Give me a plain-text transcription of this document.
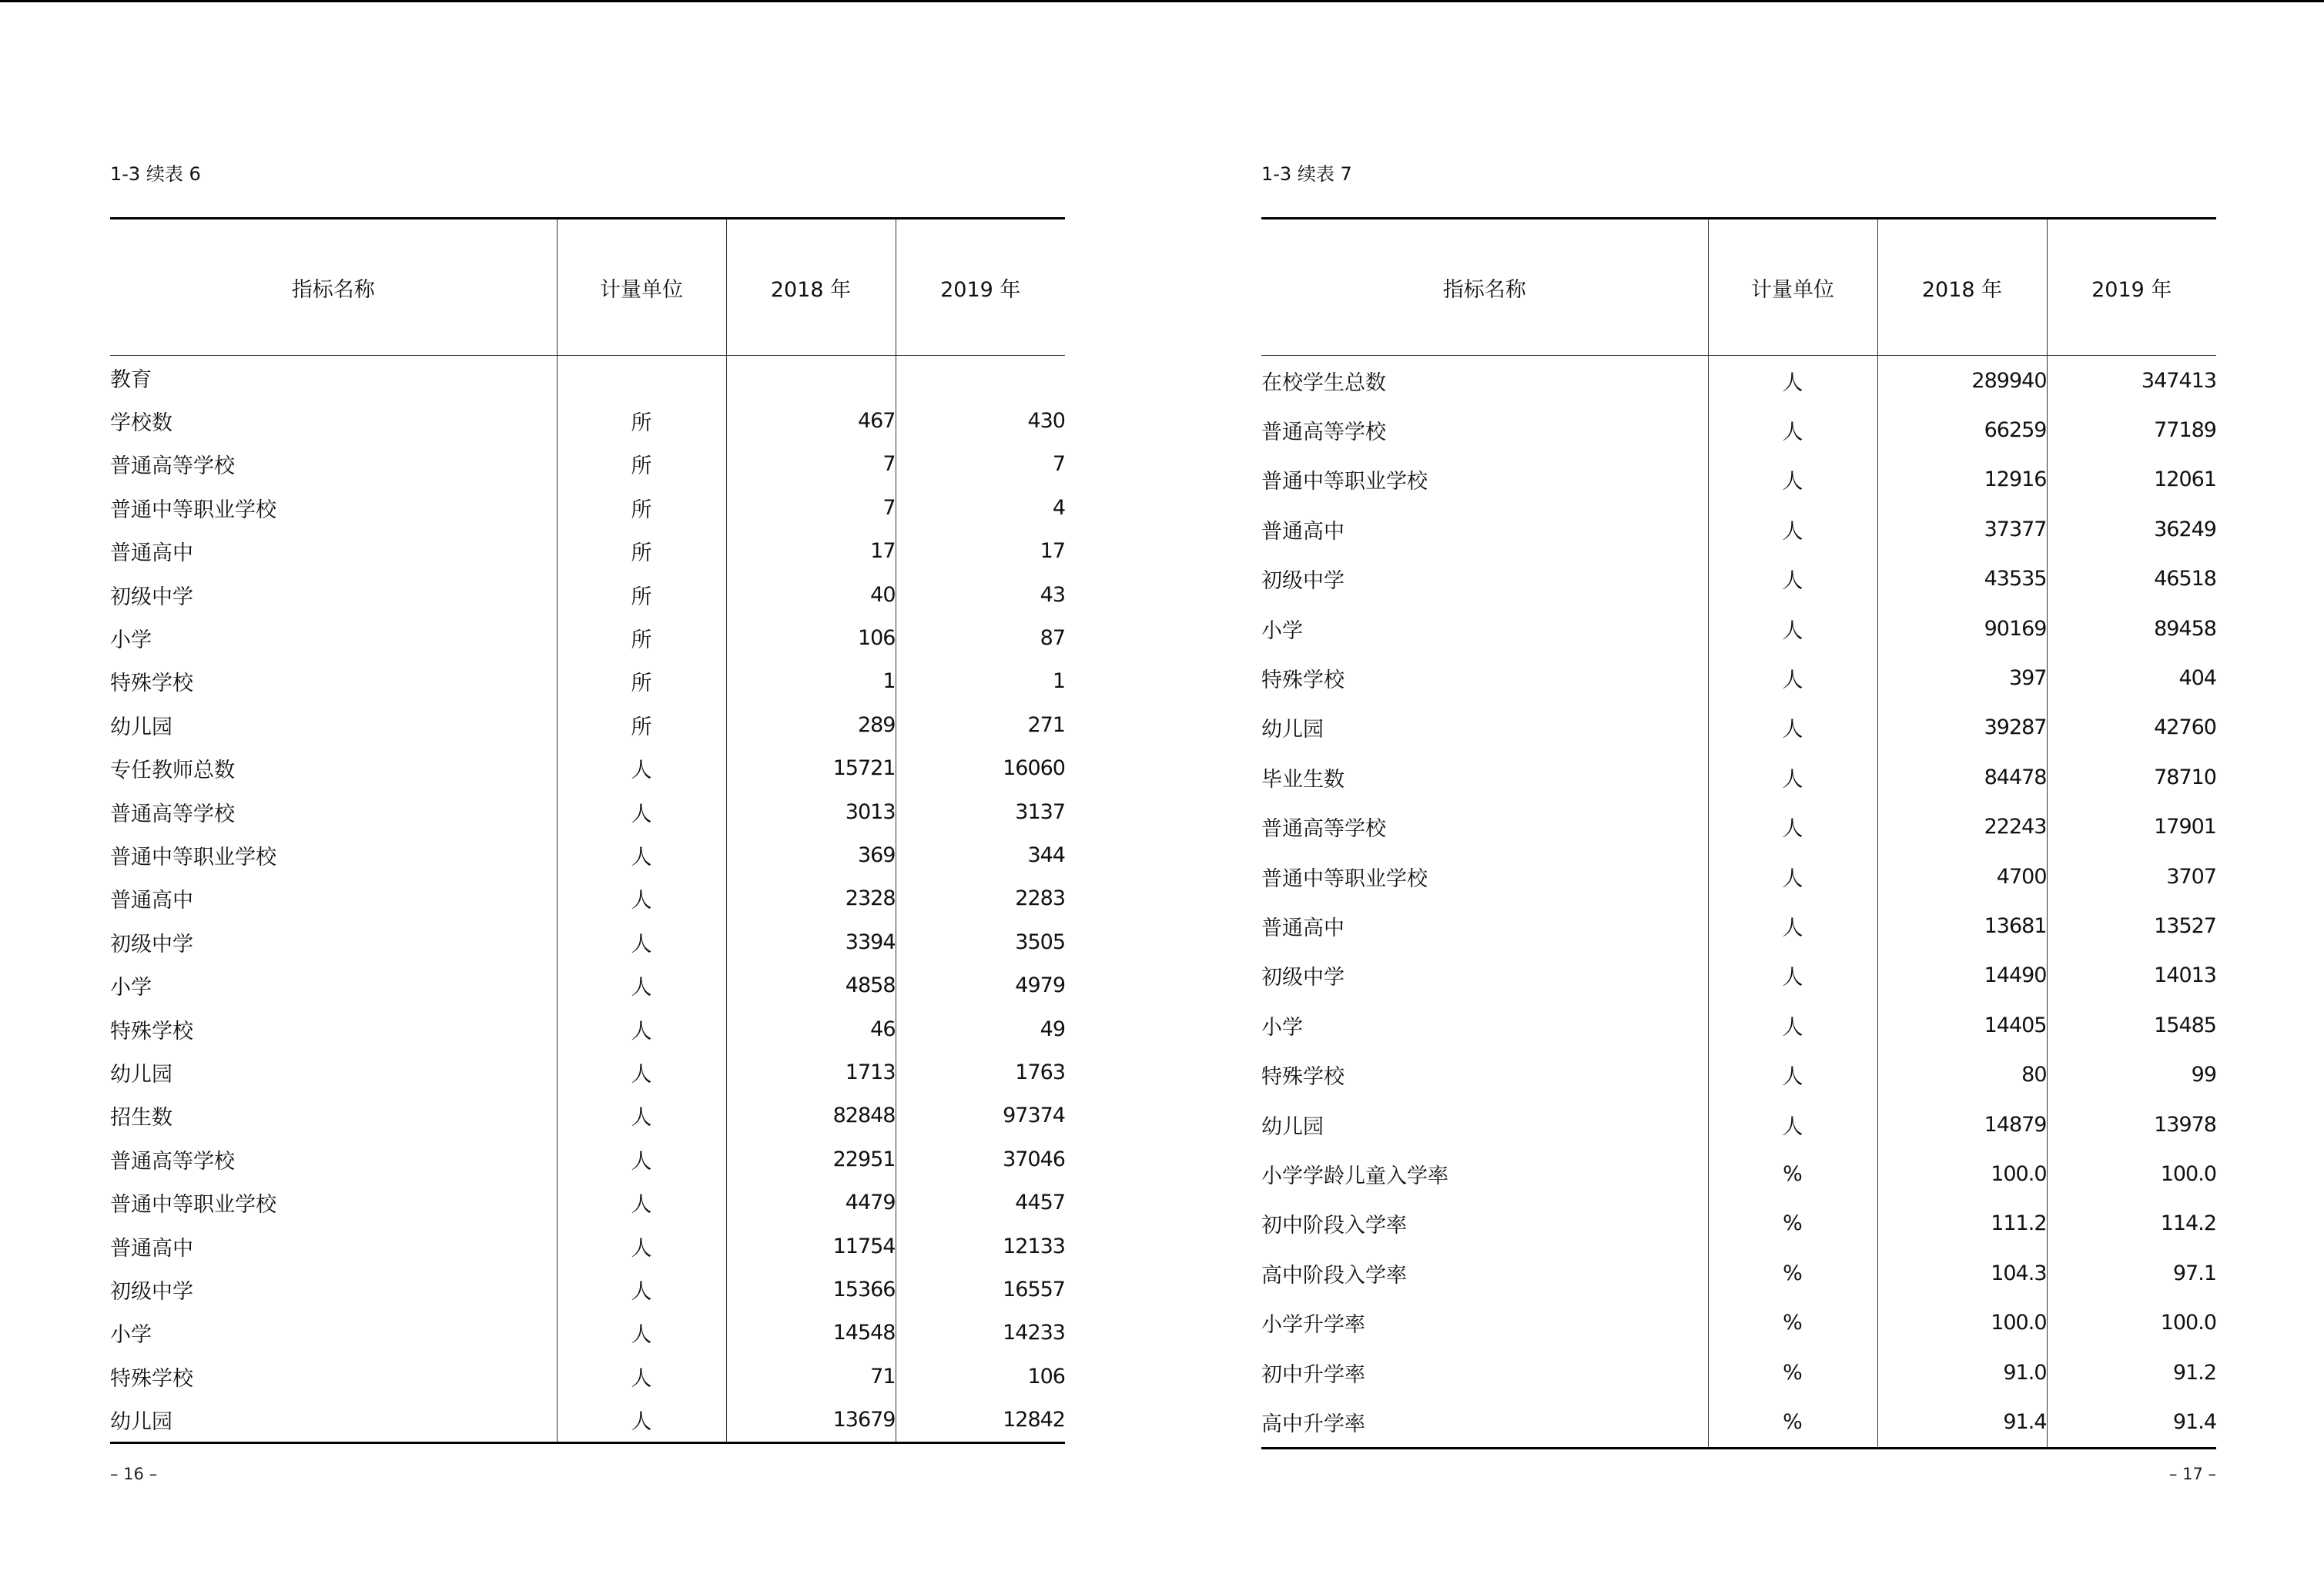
1-3 续表 6
指标名称	计量单位	2018 年	2019 年
教育			
学校数	所	467	430
普通高等学校	所	7	7
普通中等职业学校	所	7	4
普通高中	所	17	17
初级中学	所	40	43
小学	所	106	87
特殊学校	所	1	1
幼儿园	所	289	271
专任教师总数	人	15721	16060
普通高等学校	人	3013	3137
普通中等职业学校	人	369	344
普通高中	人	2328	2283
初级中学	人	3394	3505
小学	人	4858	4979
特殊学校	人	46	49
幼儿园	人	1713	1763
招生数	人	82848	97374
普通高等学校	人	22951	37046
普通中等职业学校	人	4479	4457
普通高中	人	11754	12133
初级中学	人	15366	16557
小学	人	14548	14233
特殊学校	人	71	106
幼儿园	人	13679	12842
– 16 –
1-3 续表 7
指标名称	计量单位	2018 年	2019 年
在校学生总数	人	289940	347413
普通高等学校	人	66259	77189
普通中等职业学校	人	12916	12061
普通高中	人	37377	36249
初级中学	人	43535	46518
小学	人	90169	89458
特殊学校	人	397	404
幼儿园	人	39287	42760
毕业生数	人	84478	78710
普通高等学校	人	22243	17901
普通中等职业学校	人	4700	3707
普通高中	人	13681	13527
初级中学	人	14490	14013
小学	人	14405	15485
特殊学校	人	80	99
幼儿园	人	14879	13978
小学学龄儿童入学率	%	100.0	100.0
初中阶段入学率	%	111.2	114.2
高中阶段入学率	%	104.3	97.1
小学升学率	%	100.0	100.0
初中升学率	%	91.0	91.2
高中升学率	%	91.4	91.4
– 17 –
